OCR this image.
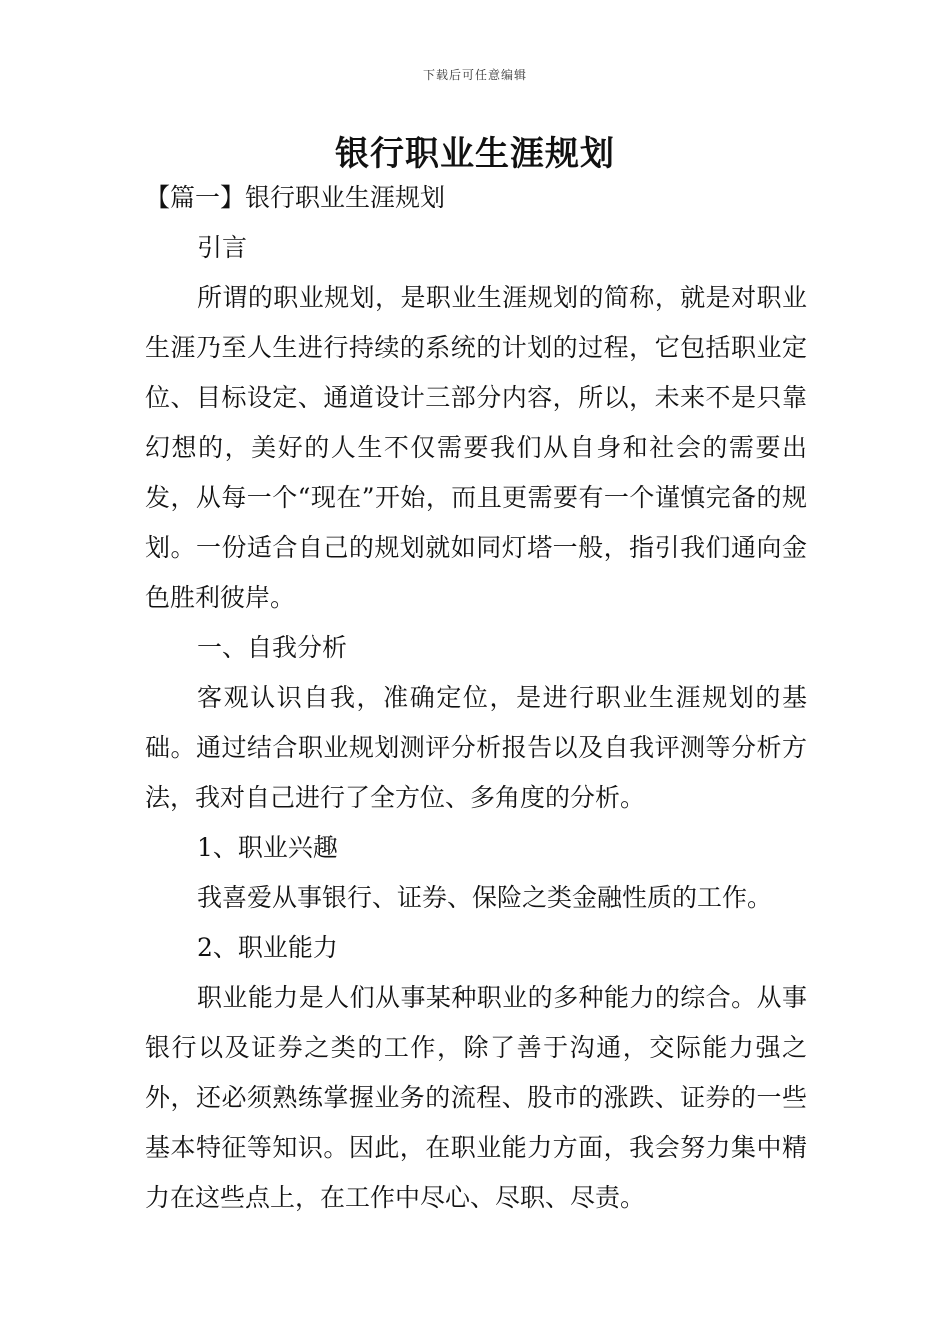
下载后可任意编辑
银行职业生涯规划

【篇一】银行职业生涯规划

引言

所谓的职业规划，是职业生涯规划的简称，就是对职业生涯乃至人生进行持续的系统的计划的过程，它包括职业定位、目标设定、通道设计三部分内容，所以，未来不是只靠幻想的，美好的人生不仅需要我们从自身和社会的需要出发，从每一个“现在”开始，而且更需要有一个谨慎完备的规划。一份适合自己的规划就如同灯塔一般，指引我们通向金色胜利彼岸。

一、自我分析

客观认识自我，准确定位，是进行职业生涯规划的基础。通过结合职业规划测评分析报告以及自我评测等分析方法，我对自己进行了全方位、多角度的分析。

1、职业兴趣

我喜爱从事银行、证券、保险之类金融性质的工作。

2、职业能力

职业能力是人们从事某种职业的多种能力的综合。从事银行以及证券之类的工作，除了善于沟通，交际能力强之外，还必须熟练掌握业务的流程、股市的涨跌、证券的一些基本特征等知识。因此，在职业能力方面，我会努力集中精力在这些点上，在工作中尽心、尽职、尽责。
